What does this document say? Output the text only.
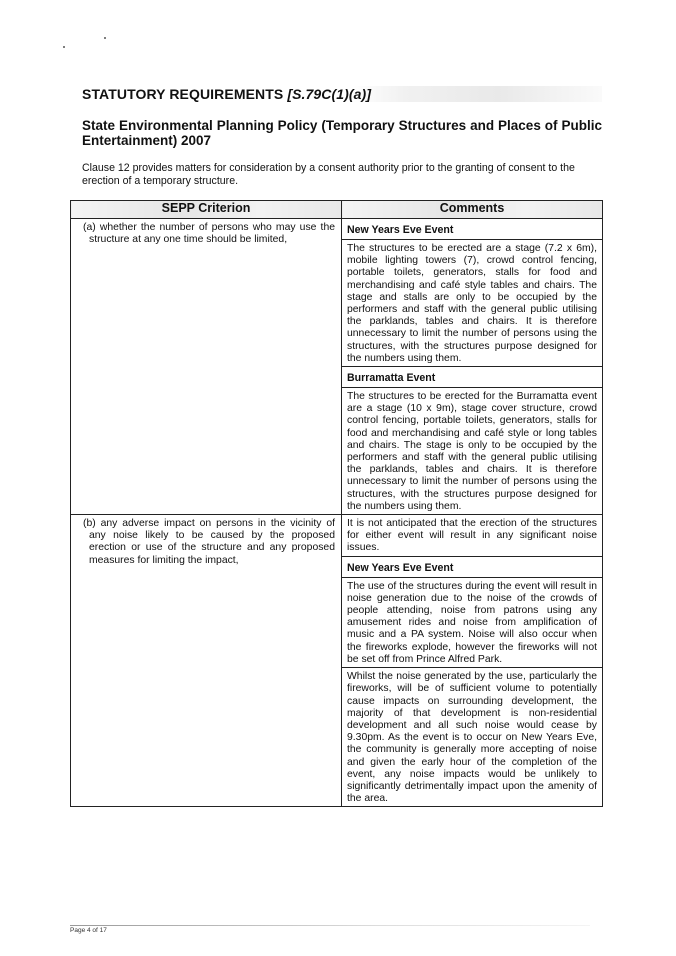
STATUTORY REQUIREMENTS [S.79C(1)(a)]
State Environmental Planning Policy (Temporary Structures and Places of Public Entertainment) 2007
Clause 12 provides matters for consideration by a consent authority prior to the granting of consent to the erection of a temporary structure.
SEPP Criterion	Comments

(a) whether the number of persons who may use the structure at any one time should be limited,	New Years Eve Event
The structures to be erected are a stage (7.2 x 6m), mobile lighting towers (7), crowd control fencing, portable toilets, generators, stalls for food and merchandising and café style tables and chairs. The stage and stalls are only to be occupied by the performers and staff with the general public utilising the parklands, tables and chairs. It is therefore unnecessary to limit the number of persons using the structures, with the structures purpose designed for the numbers using them.
Burramatta Event
The structures to be erected for the Burramatta event are a stage (10 x 9m), stage cover structure, crowd control fencing, portable toilets, generators, stalls for food and merchandising and café style or long tables and chairs. The stage is only to be occupied by the performers and staff with the general public utilising the parklands, tables and chairs. It is therefore unnecessary to limit the number of persons using the structures, with the structures purpose designed for the numbers using them.

(b) any adverse impact on persons in the vicinity of any noise likely to be caused by the proposed erection or use of the structure and any proposed measures for limiting the impact,	It is not anticipated that the erection of the structures for either event will result in any significant noise issues.
New Years Eve Event
The use of the structures during the event will result in noise generation due to the noise of the crowds of people attending, noise from patrons using any amusement rides and noise from amplification of music and a PA system. Noise will also occur when the fireworks explode, however the fireworks will not be set off from Prince Alfred Park.
Whilst the noise generated by the use, particularly the fireworks, will be of sufficient volume to potentially cause impacts on surrounding development, the majority of that development is non-residential development and all such noise would cease by 9.30pm. As the event is to occur on New Years Eve, the community is generally more accepting of noise and given the early hour of the completion of the event, any noise impacts would be unlikely to significantly detrimentally impact upon the amenity of the area.
Page 4 of 17
